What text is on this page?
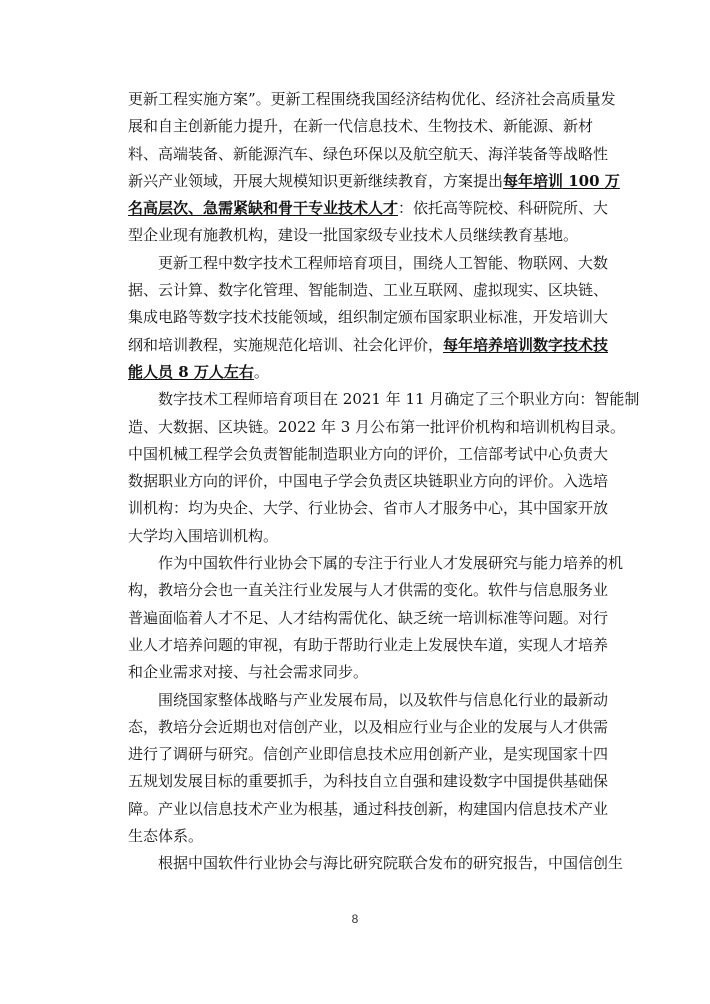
更新工程实施方案”。更新工程围绕我国经济结构优化、经济社会高质量发
展和自主创新能力提升，在新一代信息技术、生物技术、新能源、新材
料、高端装备、新能源汽车、绿色环保以及航空航天、海洋装备等战略性
新兴产业领域，开展大规模知识更新继续教育，方案提出 每年培训 100 万
名高层次、急需紧缺和骨干专业技术人才 ：依托高等院校、科研院所、大
型企业现有施教机构，建设一批国家级专业技术人员继续教育基地。
更新工程中数字技术工程师培育项目，围绕人工智能、物联网、大数
据、云计算、数字化管理、智能制造、工业互联网、虚拟现实、区块链、
集成电路等数字技术技能领域，组织制定颁布国家职业标准，开发培训大
纲和培训教程，实施规范化培训、社会化评价， 每年培养培训数字技术技
能人员 8 万人左右 。
数字技术工程师培育项目在 2021 年 11 月确定了三个职业方向：智能制
造、大数据、区块链。2022 年 3 月公布第一批评价机构和培训机构目录。
中国机械工程学会负责智能制造职业方向的评价，工信部考试中心负责大
数据职业方向的评价，中国电子学会负责区块链职业方向的评价。入选培
训机构：均为央企、大学、行业协会、省市人才服务中心，其中国家开放
大学均入围培训机构。
作为中国软件行业协会下属的专注于行业人才发展研究与能力培养的机
构，教培分会也一直关注行业发展与人才供需的变化。软件与信息服务业
普遍面临着人才不足、人才结构需优化、缺乏统一培训标准等问题。对行
业人才培养问题的审视，有助于帮助行业走上发展快车道，实现人才培养
和企业需求对接、与社会需求同步。
围绕国家整体战略与产业发展布局，以及软件与信息化行业的最新动
态，教培分会近期也对信创产业，以及相应行业与企业的发展与人才供需
进行了调研与研究。信创产业即信息技术应用创新产业，是实现国家十四
五规划发展目标的重要抓手，为科技自立自强和建设数字中国提供基础保
障。产业以信息技术产业为根基，通过科技创新，构建国内信息技术产业
生态体系。
根据中国软件行业协会与海比研究院联合发布的研究报告，中国信创生
8
